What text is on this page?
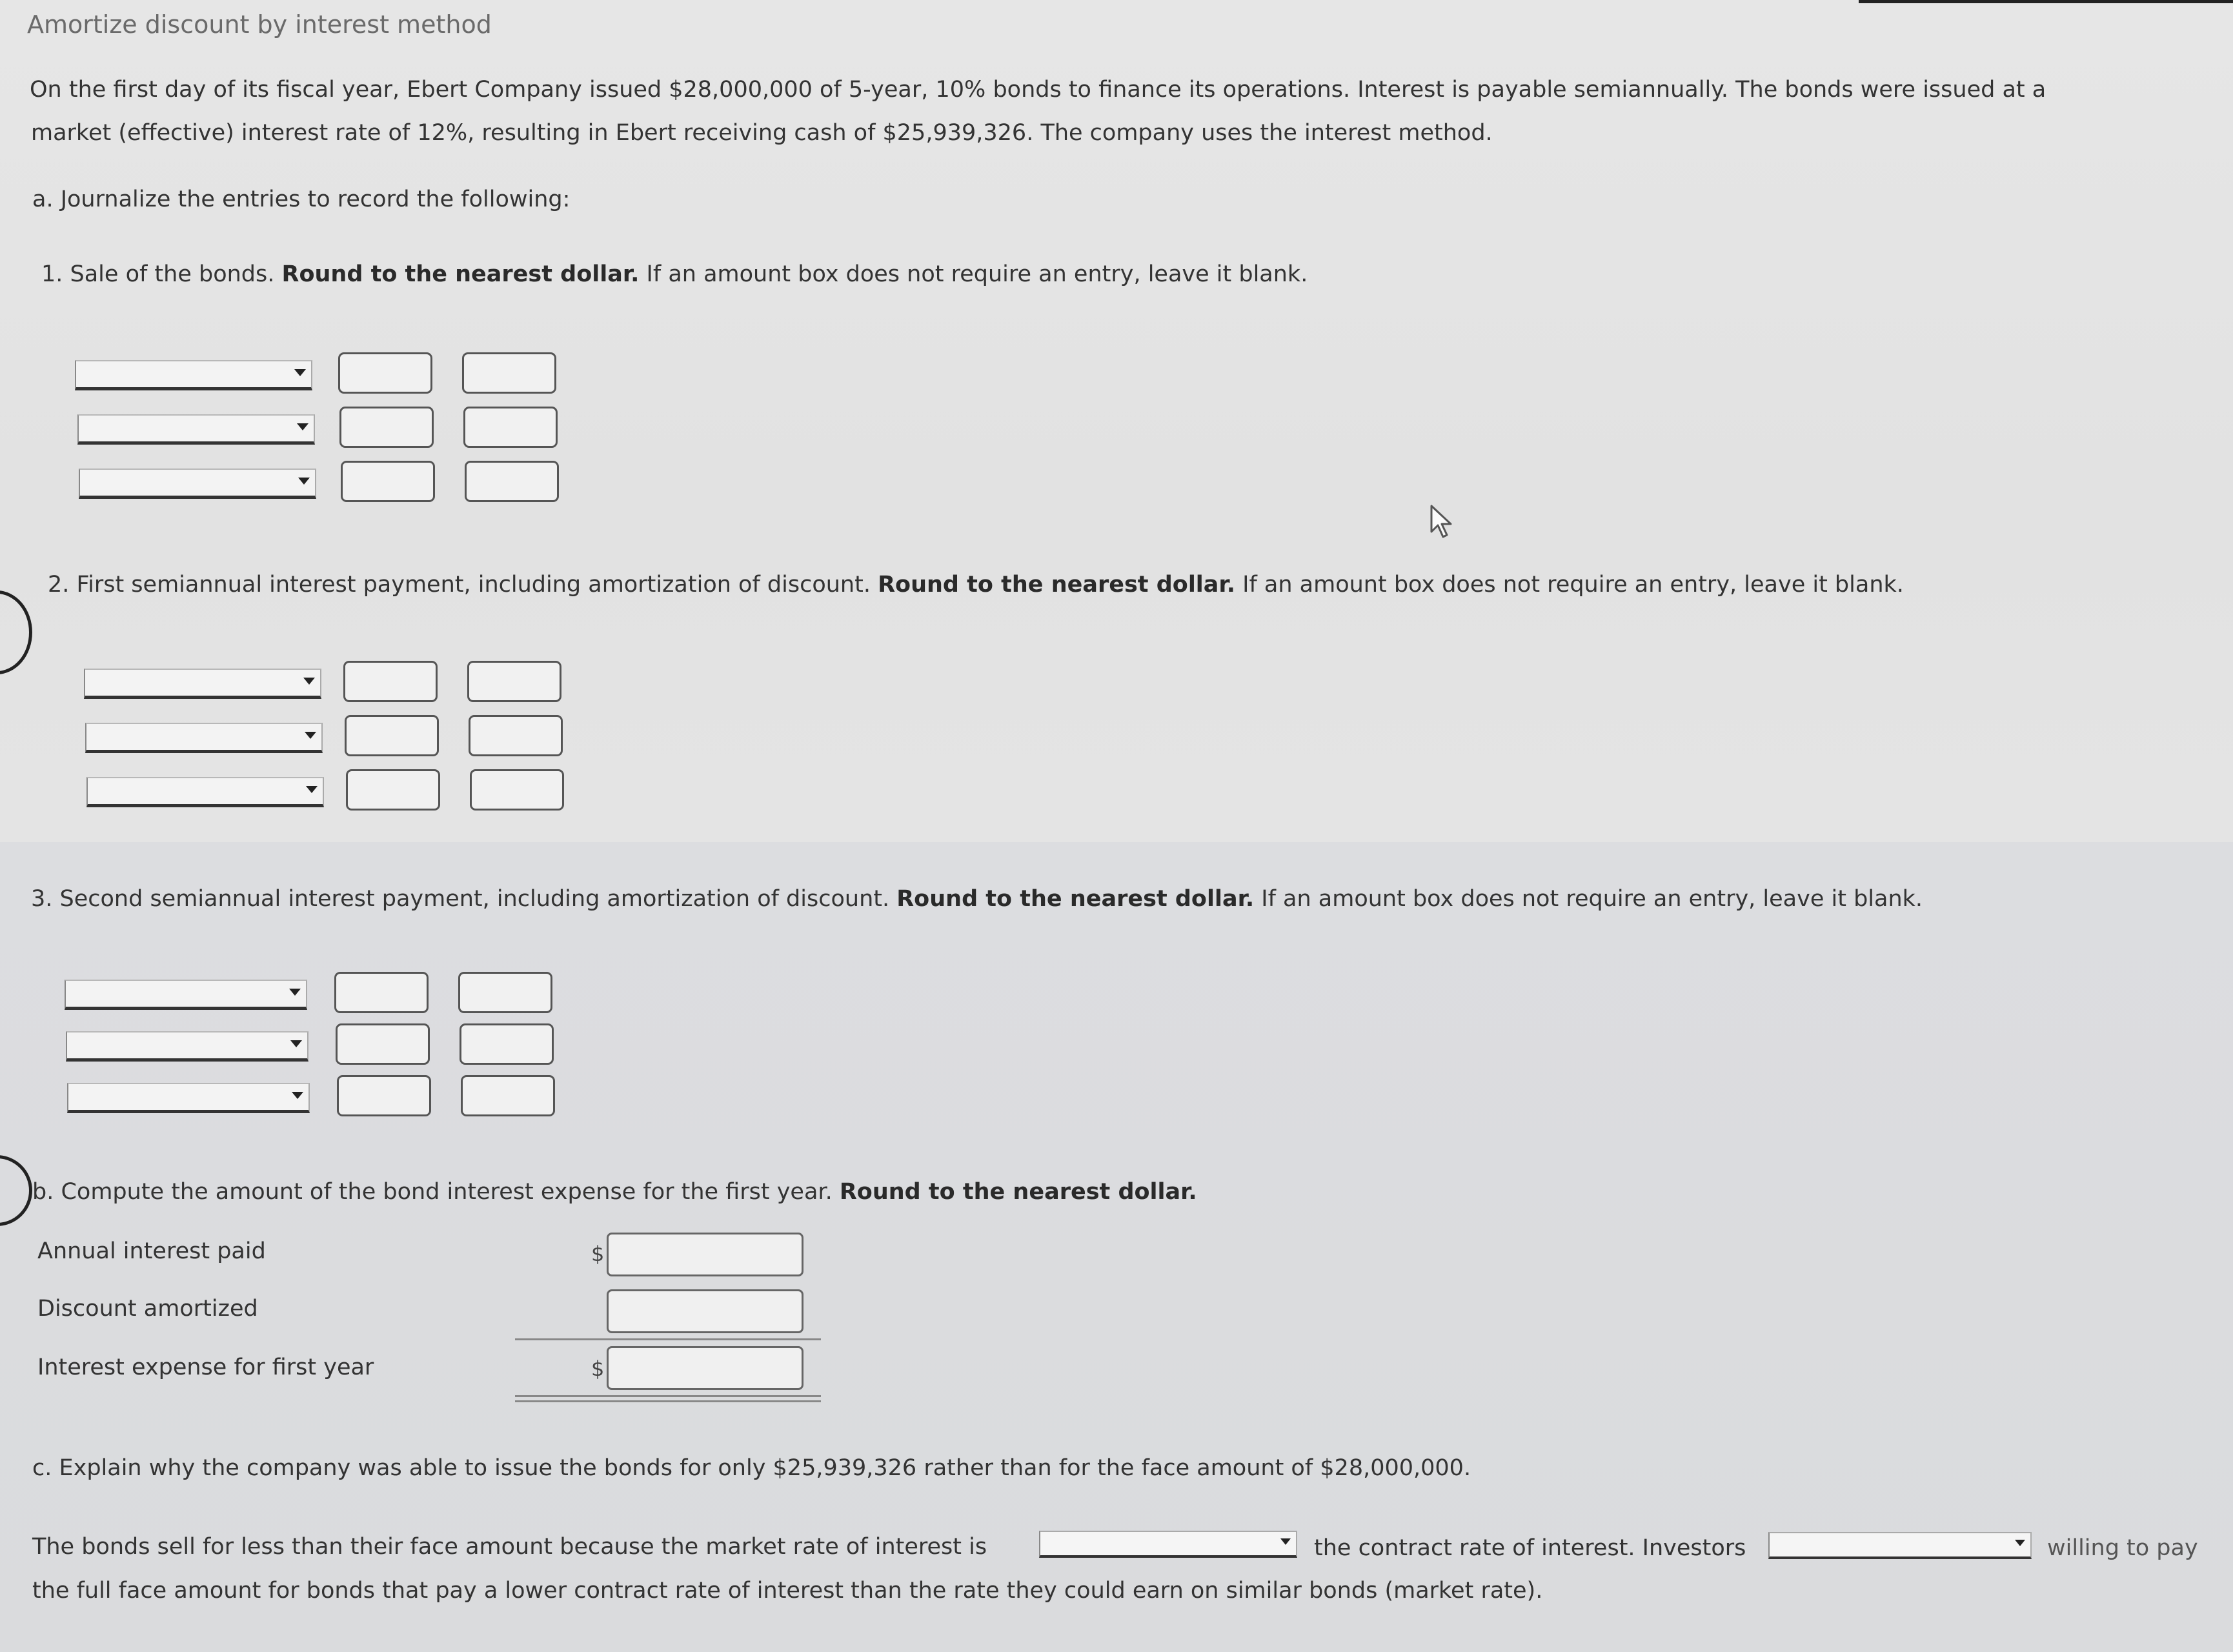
Amortize discount by interest method
On the first day of its fiscal year, Ebert Company issued $28,000,000 of 5-year, 10% bonds to finance its operations. Interest is payable semiannually. The bonds were issued at a
market (effective) interest rate of 12%, resulting in Ebert receiving cash of $25,939,326. The company uses the interest method.
a. Journalize the entries to record the following:
1. Sale of the bonds. Round to the nearest dollar. If an amount box does not require an entry, leave it blank.
2. First semiannual interest payment, including amortization of discount. Round to the nearest dollar. If an amount box does not require an entry, leave it blank.
3. Second semiannual interest payment, including amortization of discount. Round to the nearest dollar. If an amount box does not require an entry, leave it blank.
b. Compute the amount of the bond interest expense for the first year. Round to the nearest dollar.
Annual interest paid	$
Discount amortized
Interest expense for first year	$
c. Explain why the company was able to issue the bonds for only $25,939,326 rather than for the face amount of $28,000,000.
The bonds sell for less than their face amount because the market rate of interest is	the contract rate of interest. Investors	willing to pay
the full face amount for bonds that pay a lower contract rate of interest than the rate they could earn on similar bonds (market rate).
